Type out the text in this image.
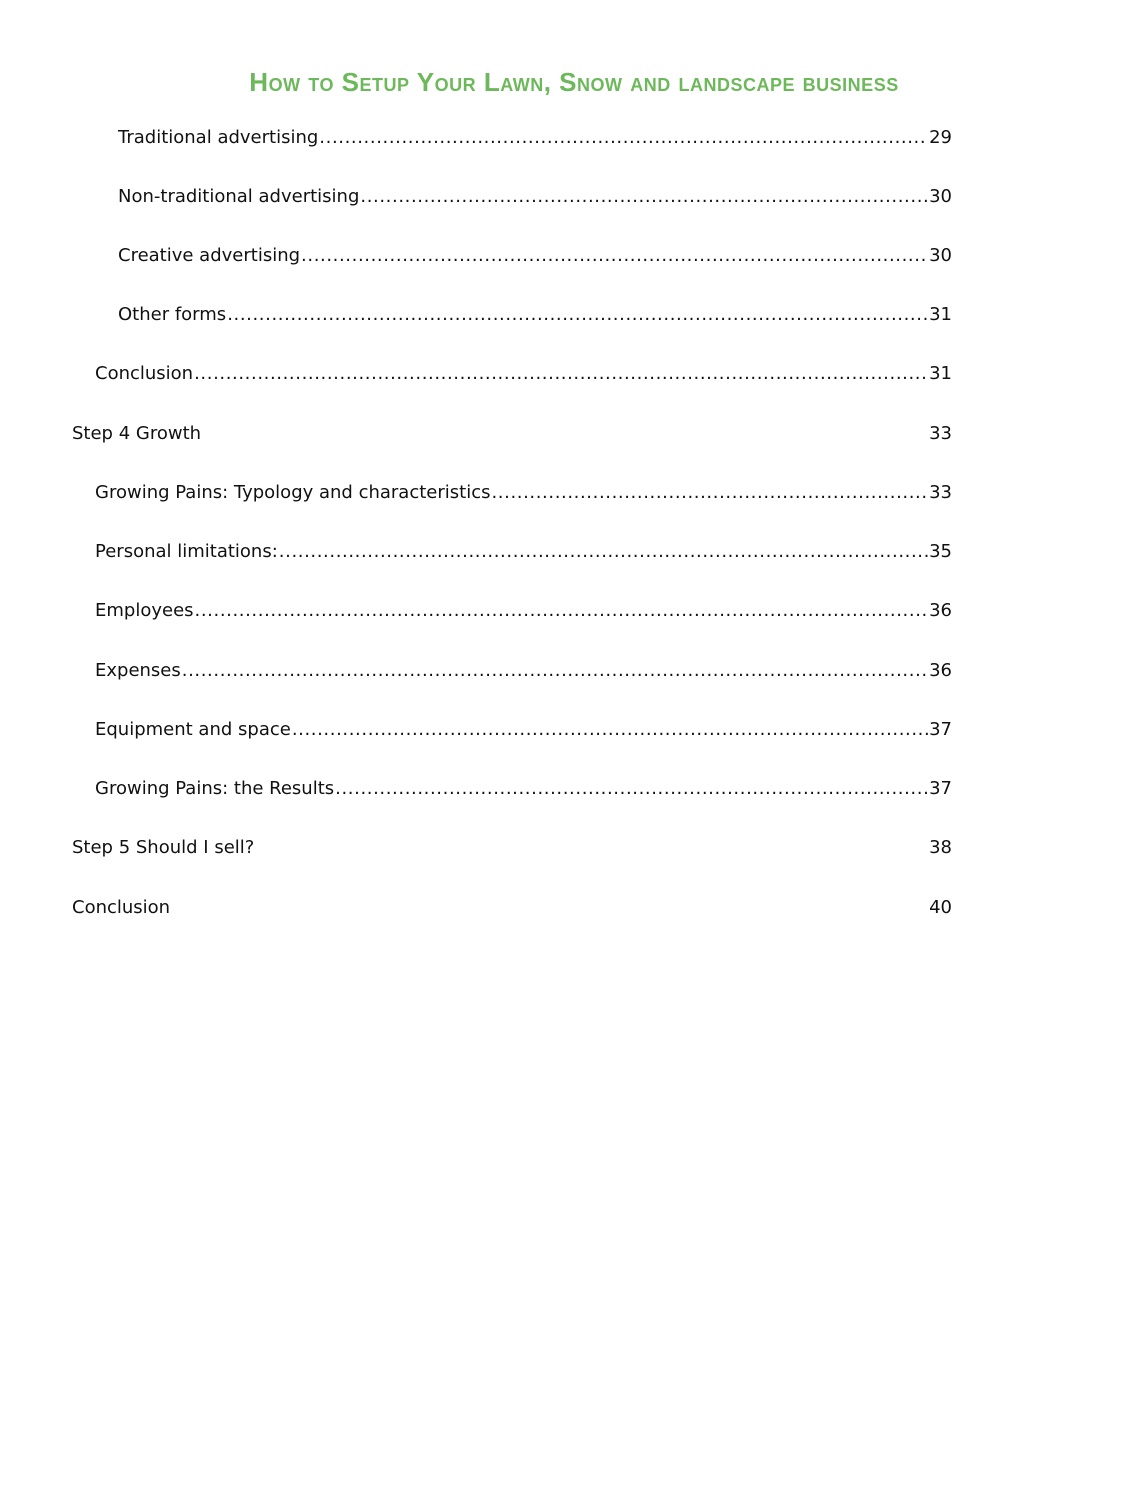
How to Setup Your Lawn, Snow and landscape business
Traditional advertising .....	29
Non-traditional advertising .....	30
Creative advertising .....	30
Other forms .....	31
Conclusion .....	31
Step 4 Growth	33
Growing Pains: Typology and characteristics .....	33
Personal limitations: .....	35
Employees .....	36
Expenses .....	36
Equipment and space .....	37
Growing Pains: the Results .....	37
Step 5 Should I sell?	38
Conclusion	40
